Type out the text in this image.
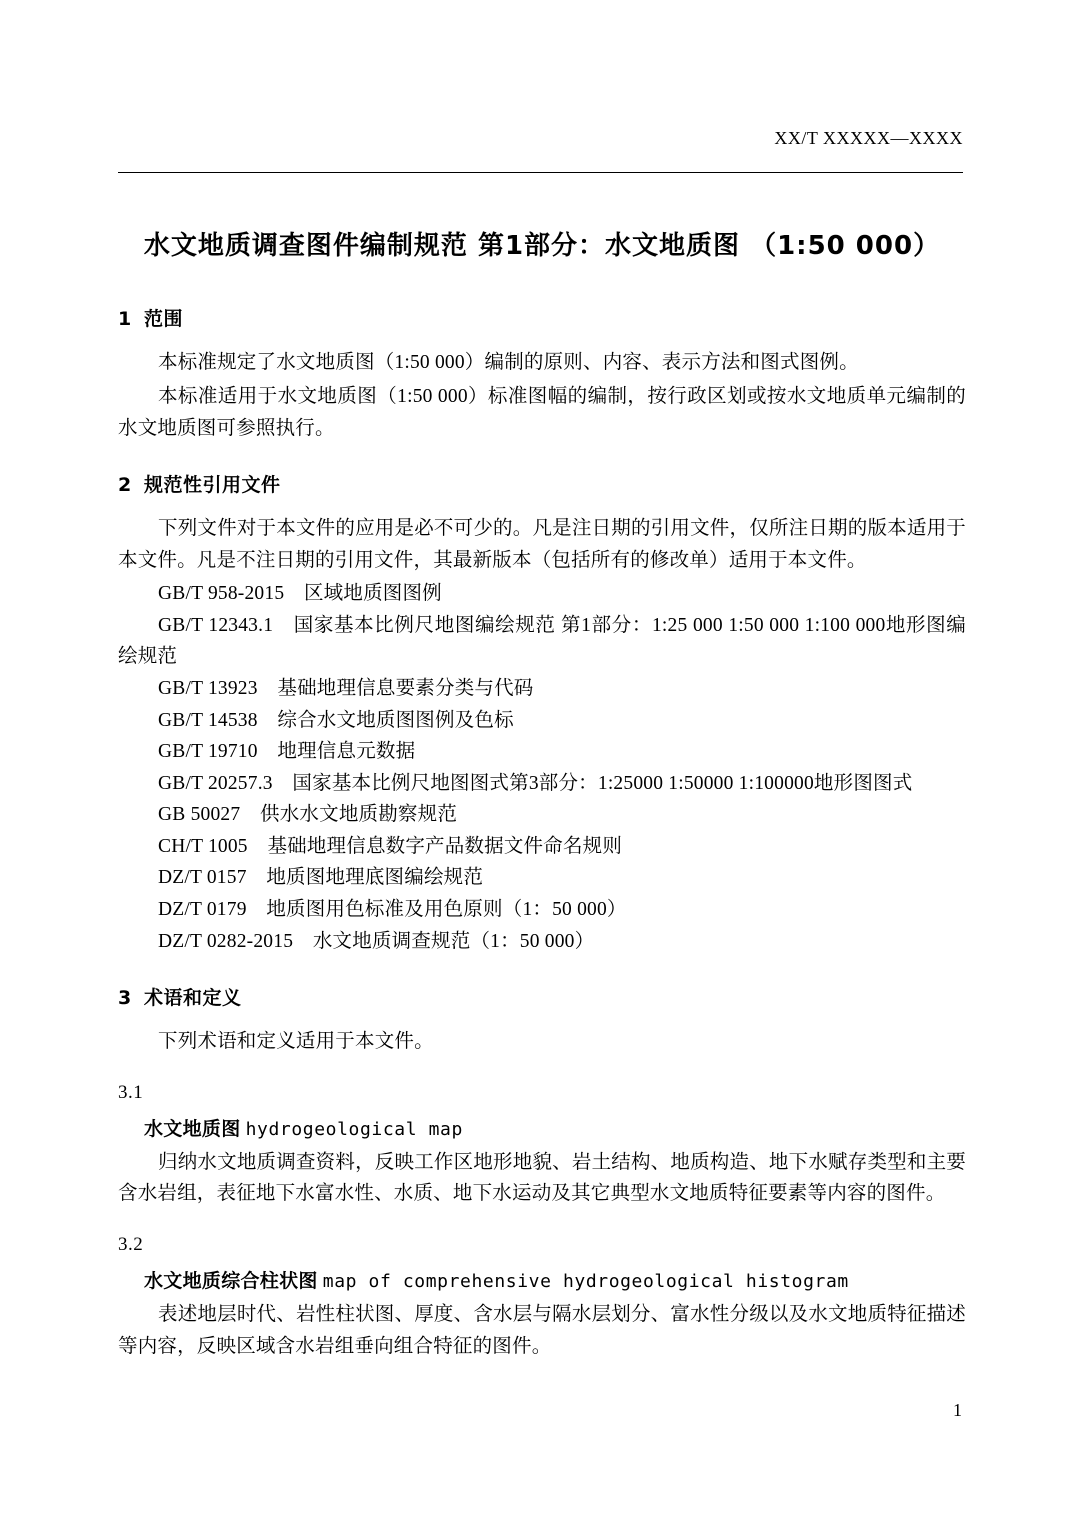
XX/T XXXXX—XXXX
水文地质调查图件编制规范 第1部分：水文地质图 （1:50 000）
1 范围

本标准规定了水文地质图（1:50 000）编制的原则、内容、表示方法和图式图例。

本标准适用于水文地质图（1:50 000）标准图幅的编制，按行政区划或按水文地质单元编制的水文地质图可参照执行。

2 规范性引用文件

下列文件对于本文件的应用是必不可少的。凡是注日期的引用文件，仅所注日期的版本适用于本文件。凡是不注日期的引用文件，其最新版本（包括所有的修改单）适用于本文件。

GB/T 958-2015　区域地质图图例
GB/T 12343.1　国家基本比例尺地图编绘规范 第1部分：1:25 000 1:50 000 1:100 000地形图编绘规范
GB/T 13923　基础地理信息要素分类与代码
GB/T 14538　综合水文地质图图例及色标
GB/T 19710　地理信息元数据
GB/T 20257.3　国家基本比例尺地图图式第3部分：1:25000 1:50000 1:100000地形图图式
GB 50027　供水水文地质勘察规范
CH/T 1005　基础地理信息数字产品数据文件命名规则
DZ/T 0157　地质图地理底图编绘规范
DZ/T 0179　地质图用色标准及用色原则（1：50 000）
DZ/T 0282-2015　水文地质调查规范（1：50 000）
3 术语和定义

下列术语和定义适用于本文件。

3.1
水文地质图 hydrogeological map

归纳水文地质调查资料，反映工作区地形地貌、岩土结构、地质构造、地下水赋存类型和主要含水岩组，表征地下水富水性、水质、地下水运动及其它典型水文地质特征要素等内容的图件。

3.2
水文地质综合柱状图 map of comprehensive hydrogeological histogram

表述地层时代、岩性柱状图、厚度、含水层与隔水层划分、富水性分级以及水文地质特征描述等内容，反映区域含水岩组垂向组合特征的图件。

1
